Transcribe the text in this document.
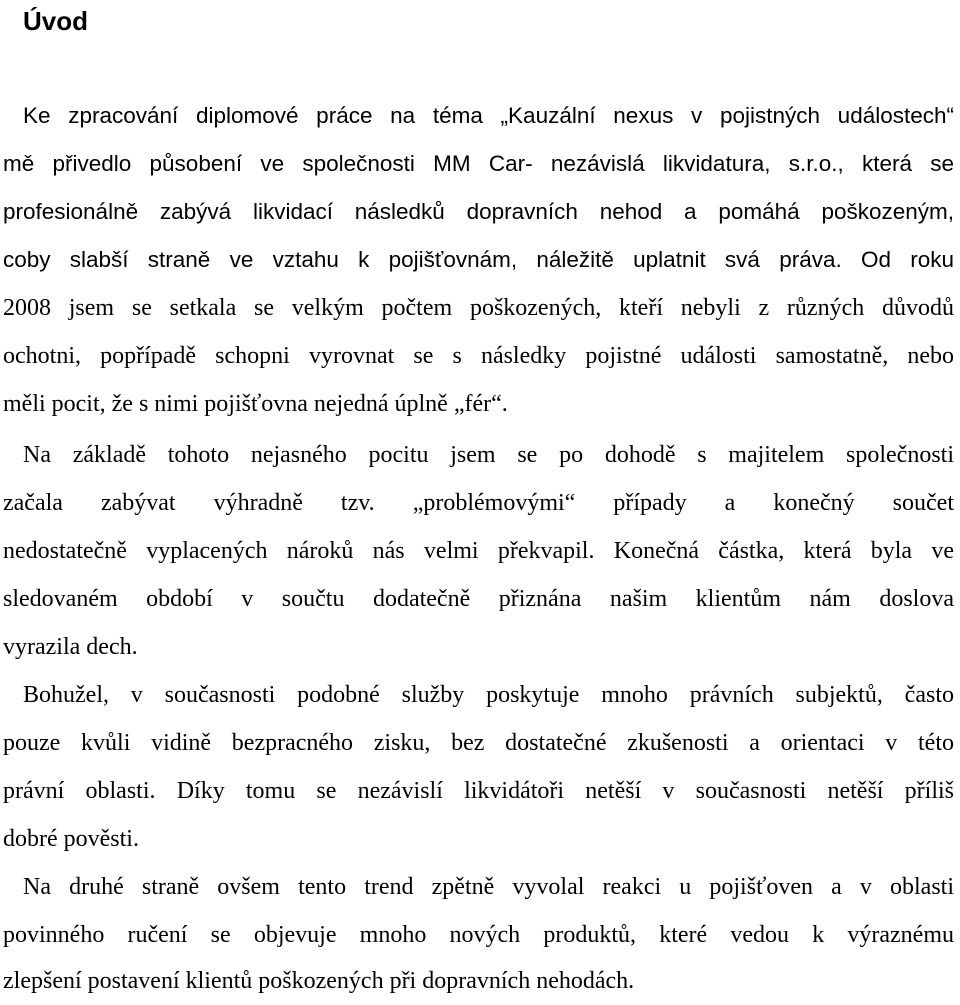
Úvod
Ke zpracování diplomové práce na téma „Kauzální nexus v pojistných událostech“
mě přivedlo působení ve společnosti MM Car- nezávislá likvidatura, s.r.o., která se
profesionálně zabývá likvidací následků dopravních nehod a pomáhá poškozeným,
coby slabší straně ve vztahu k pojišťovnám, náležitě uplatnit svá práva. Od roku
2008 jsem se setkala se velkým počtem poškozených, kteří nebyli z různých důvodů
ochotni, popřípadě schopni vyrovnat se s následky pojistné události samostatně, nebo
měli pocit, že s nimi pojišťovna nejedná úplně „fér“.
Na základě tohoto nejasného pocitu jsem se po dohodě s majitelem společnosti
začala zabývat výhradně tzv. „problémovými“ případy a konečný součet
nedostatečně vyplacených nároků nás velmi překvapil. Konečná částka, která byla ve
sledovaném období v součtu dodatečně přiznána našim klientům nám doslova
vyrazila dech.
Bohužel, v současnosti podobné služby poskytuje mnoho právních subjektů, často
pouze kvůli vidině bezpracného zisku, bez dostatečné zkušenosti a orientaci v této
právní oblasti. Díky tomu se nezávislí likvidátoři netěší v současnosti netěší příliš
dobré pověsti.
Na druhé straně ovšem tento trend zpětně vyvolal reakci u pojišťoven a v oblasti
povinného ručení se objevuje mnoho nových produktů, které vedou k výraznému
zlepšení postavení klientů poškozených při dopravních nehodách.
